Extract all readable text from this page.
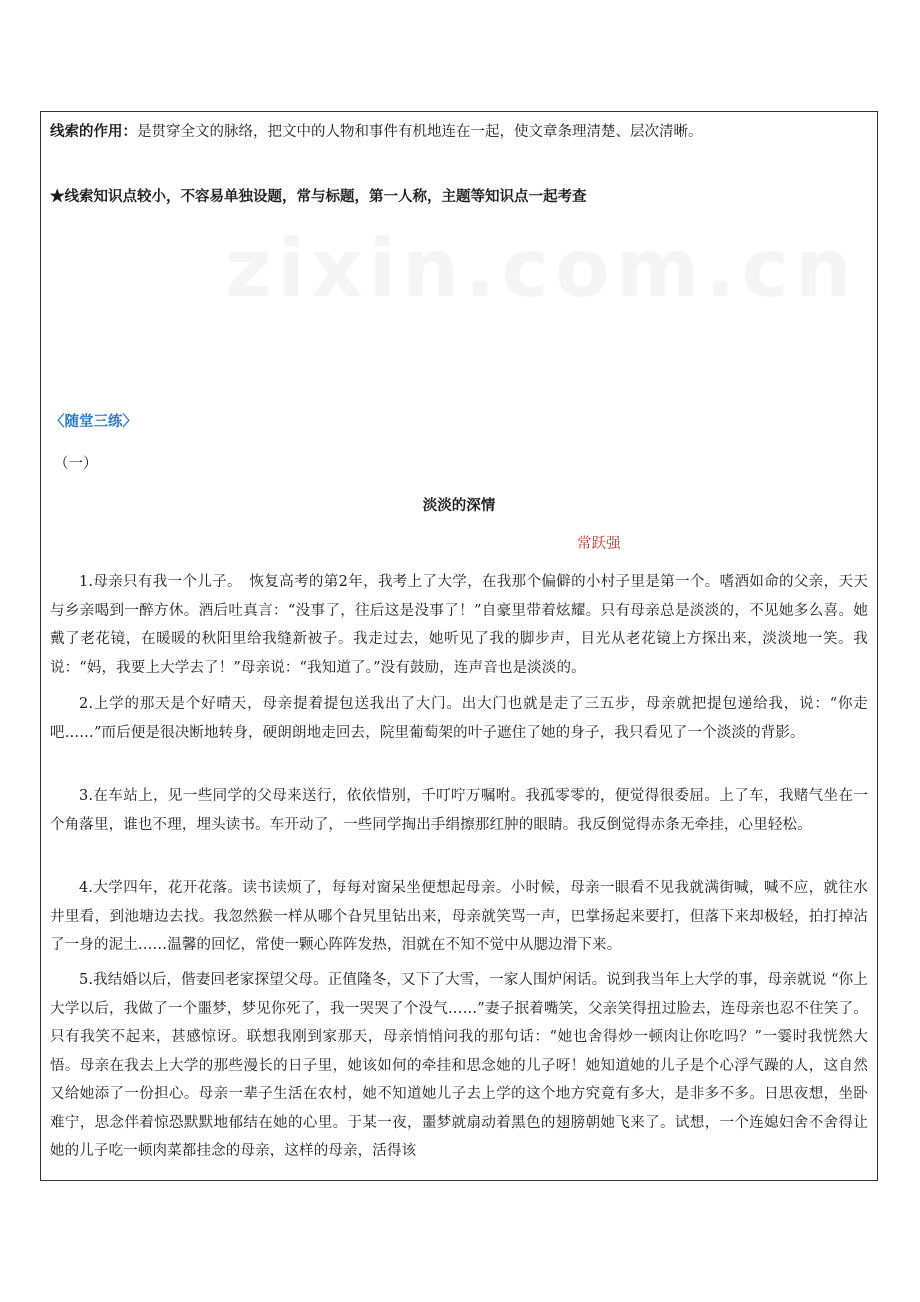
线索的作用：是贯穿全文的脉络，把文中的人物和事件有机地连在一起，使文章条理清楚、层次清晰。
★线索知识点较小，不容易单独设题，常与标题，第一人称，主题等知识点一起考查
〈随堂三练〉
（一）
淡淡的深情
常跃强
1.母亲只有我一个儿子。　恢复高考的第2年，我考上了大学，在我那个偏僻的小村子里是第一个。嗜酒如命的父亲，天天与乡亲喝到一醉方休。酒后吐真言：“没事了，往后这是没事了！”自豪里带着炫耀。只有母亲总是淡淡的，不见她多么喜。她戴了老花镜，在暖暖的秋阳里给我缝新被子。我走过去，她听见了我的脚步声，目光从老花镜上方探出来，淡淡地一笑。我说：“妈，我要上大学去了！”母亲说：“我知道了。”没有鼓励，连声音也是淡淡的。
2.上学的那天是个好晴天，母亲提着提包送我出了大门。出大门也就是走了三五步，母亲就把提包递给我，说：“你走吧……”而后便是很决断地转身，硬朗朗地走回去，院里葡萄架的叶子遮住了她的身子，我只看见了一个淡淡的背影。
3.在车站上，见一些同学的父母来送行，依依惜别，千叮咛万嘱咐。我孤零零的，便觉得很委屈。上了车，我赌气坐在一个角落里，谁也不理，埋头读书。车开动了，一些同学掏出手绢擦那红肿的眼睛。我反倒觉得赤条无牵挂，心里轻松。
4.大学四年，花开花落。读书读烦了，每每对窗呆坐便想起母亲。小时候，母亲一眼看不见我就满街喊，喊不应，就往水井里看，到池塘边去找。我忽然猴一样从哪个旮旯里钻出来，母亲就笑骂一声，巴掌扬起来要打，但落下来却极轻，拍打掉沾了一身的泥土……温馨的回忆，常使一颗心阵阵发热，泪就在不知不觉中从腮边滑下来。
5.我结婚以后，偕妻回老家探望父母。正值隆冬，又下了大雪，一家人围炉闲话。说到我当年上大学的事，母亲就说 “你上大学以后，我做了一个噩梦，梦见你死了，我一哭哭了个没气……”妻子抿着嘴笑，父亲笑得扭过脸去，连母亲也忍不住笑了。只有我笑不起来，甚感惊讶。联想我刚到家那天，母亲悄悄问我的那句话：“她也舍得炒一顿肉让你吃吗？”一霎时我恍然大悟。母亲在我去上大学的那些漫长的日子里，她该如何的牵挂和思念她的儿子呀！她知道她的儿子是个心浮气躁的人，这自然又给她添了一份担心。母亲一辈子生活在农村，她不知道她儿子去上学的这个地方究竟有多大，是非多不多。日思夜想，坐卧难宁，思念伴着惊恐默默地郁结在她的心里。于某一夜，噩梦就扇动着黑色的翅膀朝她飞来了。试想，一个连媳妇舍不舍得让她的儿子吃一顿肉菜都挂念的母亲，这样的母亲，活得该
zixin.com.cn
